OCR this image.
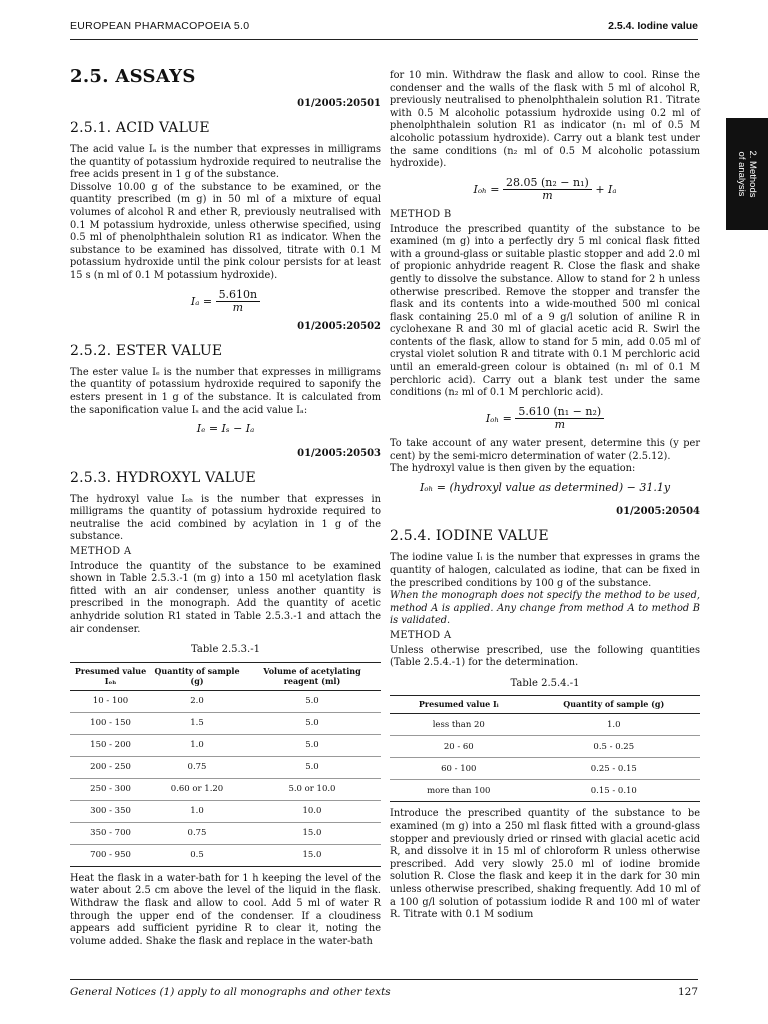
EUROPEAN PHARMACOPOEIA 5.0	2.5.4. Iodine value
2. Methods
of analysis
2.5. ASSAYS
01/2005:20501
2.5.1. ACID VALUE

The acid value Iₐ is the number that expresses in milligrams the quantity of potassium hydroxide required to neutralise the free acids present in 1 g of the substance.

Dissolve 10.00 g of the substance to be examined, or the quantity prescribed (m g) in 50 ml of a mixture of equal volumes of alcohol R and ether R, previously neutralised with 0.1 M potassium hydroxide, unless otherwise specified, using 0.5 ml of phenolphthalein solution R1 as indicator. When the substance to be examined has dissolved, titrate with 0.1 M potassium hydroxide until the pink colour persists for at least 15 s (n ml of 0.1 M potassium hydroxide).

$I_a = \frac{5.610n}{m}$
01/2005:20502
2.5.2. ESTER VALUE

The ester value Iₑ is the number that expresses in milligrams the quantity of potassium hydroxide required to saponify the esters present in 1 g of the substance. It is calculated from the saponification value Iₛ and the acid value Iₐ:

Iₑ = Iₛ − Iₐ
01/2005:20503
2.5.3. HYDROXYL VALUE

The hydroxyl value Iₒₕ is the number that expresses in milligrams the quantity of potassium hydroxide required to neutralise the acid combined by acylation in 1 g of the substance.

METHOD A

Introduce the quantity of the substance to be examined shown in Table 2.5.3.-1 (m g) into a 150 ml acetylation flask fitted with an air condenser, unless another quantity is prescribed in the monograph. Add the quantity of acetic anhydride solution R1 stated in Table 2.5.3.-1 and attach the air condenser.

Table 2.5.3.-1
Presumed value Iₒₕ	Quantity of sample (g)	Volume of acetylating reagent (ml)
10 - 100	2.0	5.0
100 - 150	1.5	5.0
150 - 200	1.0	5.0
200 - 250	0.75	5.0
250 - 300	0.60 or 1.20	5.0 or 10.0
300 - 350	1.0	10.0
350 - 700	0.75	15.0
700 - 950	0.5	15.0

Heat the flask in a water-bath for 1 h keeping the level of the water about 2.5 cm above the level of the liquid in the flask. Withdraw the flask and allow to cool. Add 5 ml of water R through the upper end of the condenser. If a cloudiness appears add sufficient pyridine R to clear it, noting the volume added. Shake the flask and replace in the water-bath

for 10 min. Withdraw the flask and allow to cool. Rinse the condenser and the walls of the flask with 5 ml of alcohol R, previously neutralised to phenolphthalein solution R1. Titrate with 0.5 M alcoholic potassium hydroxide using 0.2 ml of phenolphthalein solution R1 as indicator (n₁ ml of 0.5 M alcoholic potassium hydroxide). Carry out a blank test under the same conditions (n₂ ml of 0.5 M alcoholic potassium hydroxide).

$I_{oh} = \frac{\text{28.05 (n₂ − n₁)}}{m} + I_a$
METHOD B

Introduce the prescribed quantity of the substance to be examined (m g) into a perfectly dry 5 ml conical flask fitted with a ground-glass or suitable plastic stopper and add 2.0 ml of propionic anhydride reagent R. Close the flask and shake gently to dissolve the substance. Allow to stand for 2 h unless otherwise prescribed. Remove the stopper and transfer the flask and its contents into a wide-mouthed 500 ml conical flask containing 25.0 ml of a 9 g/l solution of aniline R in cyclohexane R and 30 ml of glacial acetic acid R. Swirl the contents of the flask, allow to stand for 5 min, add 0.05 ml of crystal violet solution R and titrate with 0.1 M perchloric acid until an emerald-green colour is obtained (n₁ ml of 0.1 M perchloric acid). Carry out a blank test under the same conditions (n₂ ml of 0.1 M perchloric acid).

$I_{oh} = \frac{\text{5.610 (n₁ − n₂)}}{m}$

To take account of any water present, determine this (y per cent) by the semi-micro determination of water (2.5.12).

The hydroxyl value is then given by the equation:

Iₒₕ = (hydroxyl value as determined) − 31.1y
01/2005:20504
2.5.4. IODINE VALUE

The iodine value Iᵢ is the number that expresses in grams the quantity of halogen, calculated as iodine, that can be fixed in the prescribed conditions by 100 g of the substance.

When the monograph does not specify the method to be used, method A is applied. Any change from method A to method B is validated.

METHOD A

Unless otherwise prescribed, use the following quantities (Table 2.5.4.-1) for the determination.

Table 2.5.4.-1
Presumed value Iᵢ	Quantity of sample (g)
less than 20	1.0
20 - 60	0.5 - 0.25
60 - 100	0.25 - 0.15
more than 100	0.15 - 0.10

Introduce the prescribed quantity of the substance to be examined (m g) into a 250 ml flask fitted with a ground-glass stopper and previously dried or rinsed with glacial acetic acid R, and dissolve it in 15 ml of chloroform R unless otherwise prescribed. Add very slowly 25.0 ml of iodine bromide solution R. Close the flask and keep it in the dark for 30 min unless otherwise prescribed, shaking frequently. Add 10 ml of a 100 g/l solution of potassium iodide R and 100 ml of water R. Titrate with 0.1 M sodium

General Notices (1) apply to all monographs and other texts	127
